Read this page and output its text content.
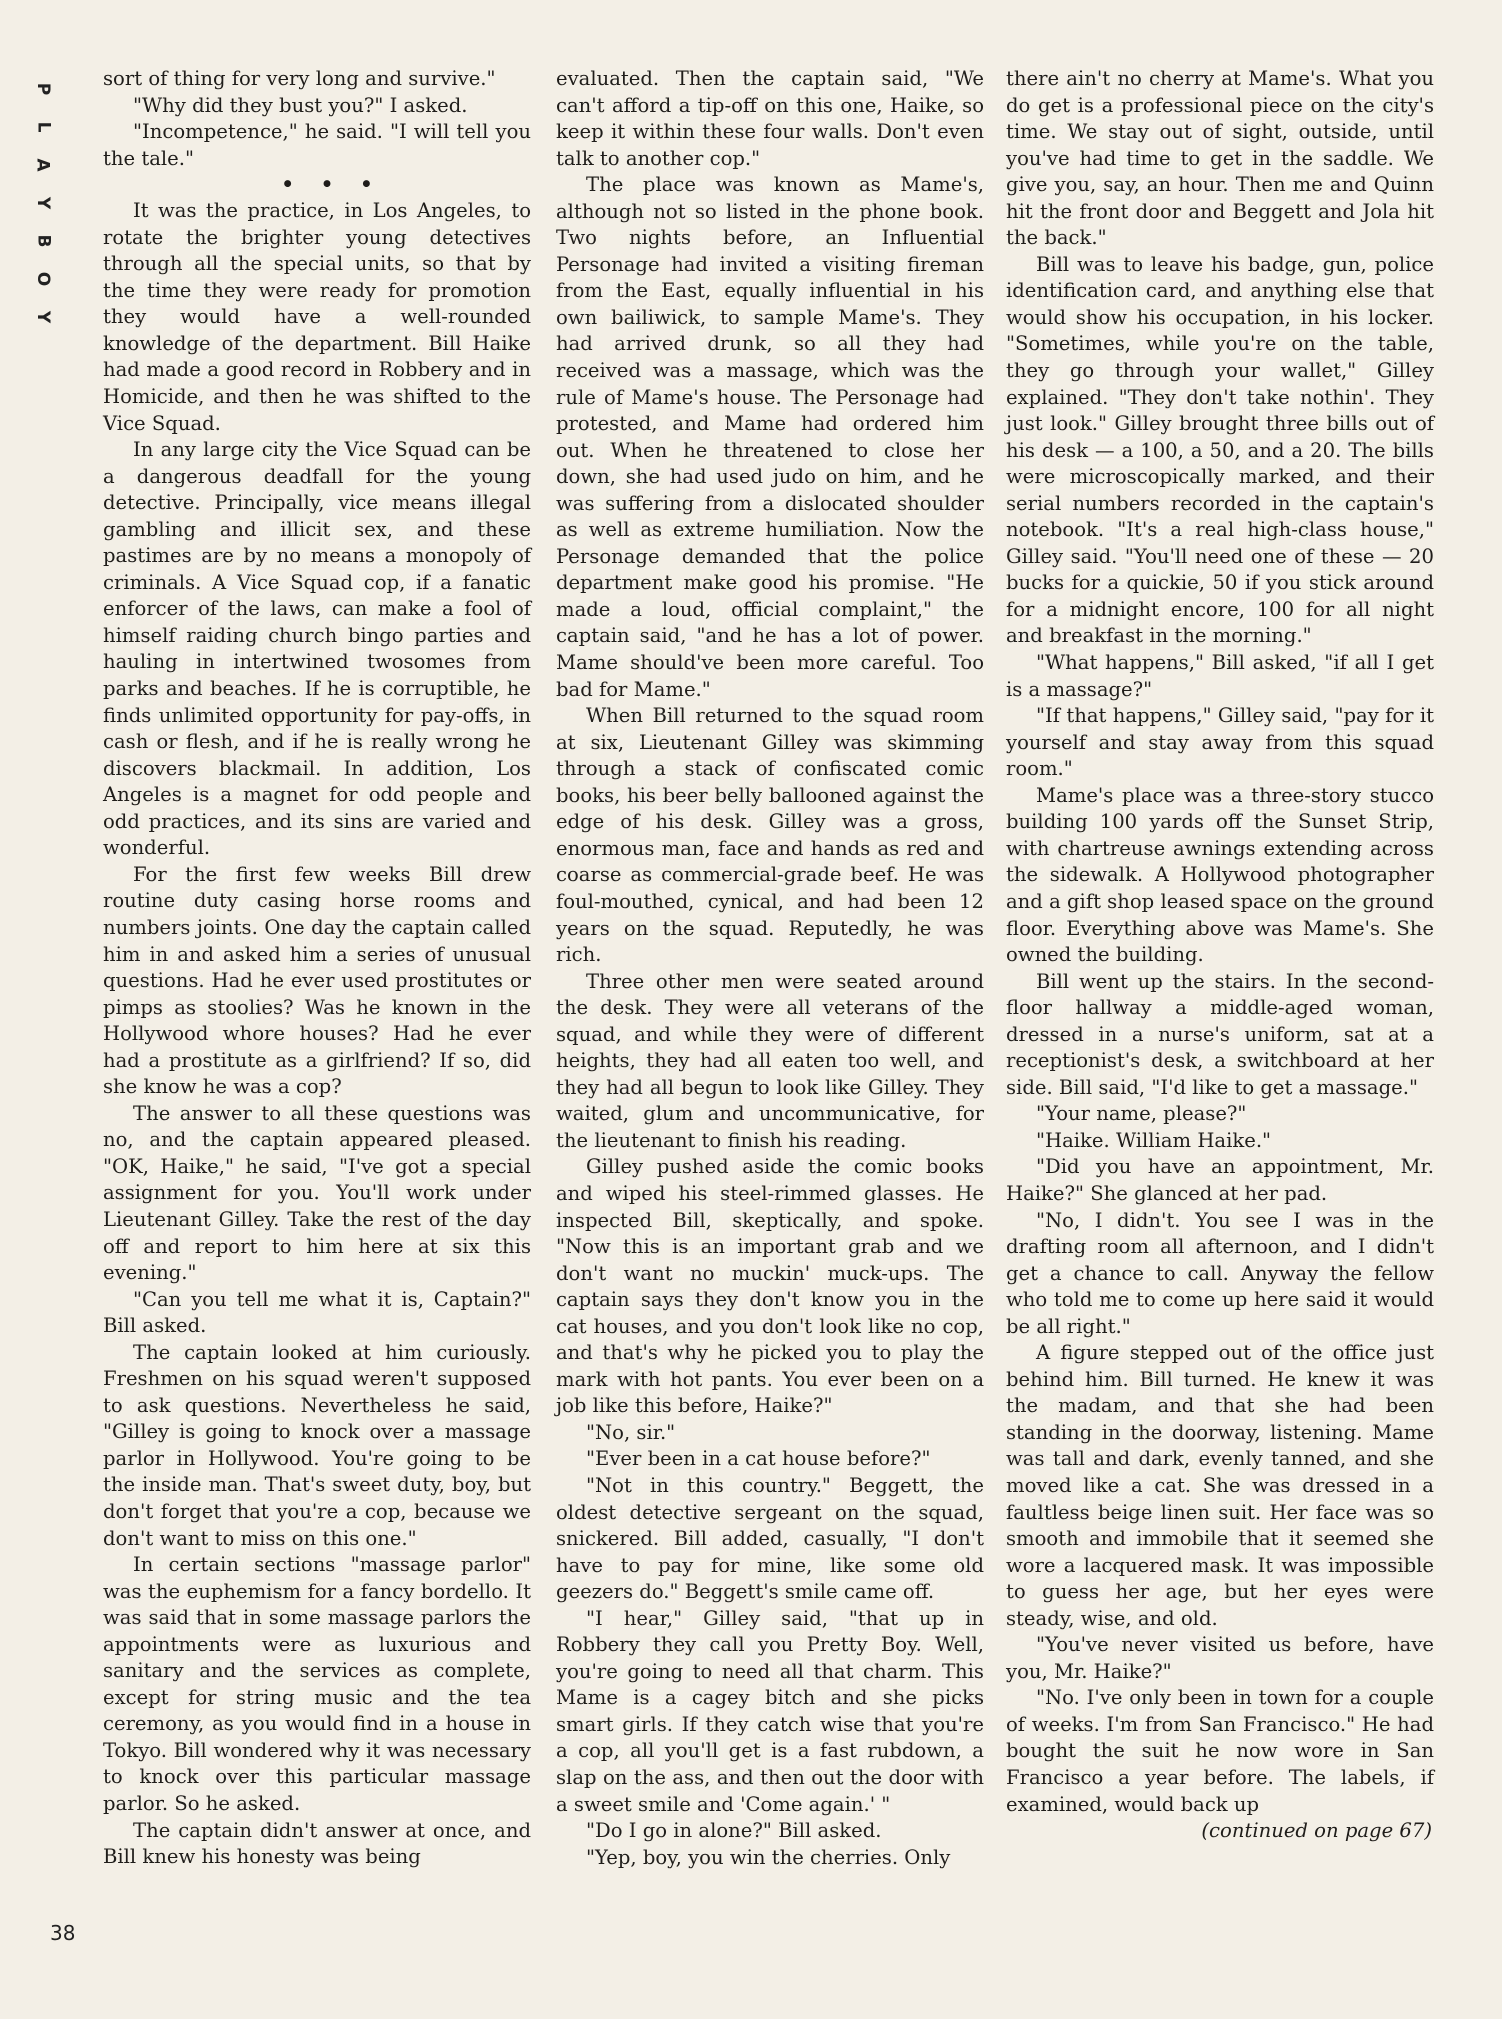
P
L
A
Y
B
O
Y
38

sort of thing for very long and survive."

"Why did they bust you?" I asked.

"Incompetence," he said. "I will tell you the tale."

• • •

It was the practice, in Los Angeles, to rotate the brighter young detectives through all the special units, so that by the time they were ready for promotion they would have a well-rounded knowledge of the department. Bill Haike had made a good record in Robbery and in Homicide, and then he was shifted to the Vice Squad.

In any large city the Vice Squad can be a dangerous deadfall for the young detective. Principally, vice means illegal gambling and illicit sex, and these pastimes are by no means a monopoly of criminals. A Vice Squad cop, if a fanatic enforcer of the laws, can make a fool of himself raiding church bingo parties and hauling in intertwined twosomes from parks and beaches. If he is corruptible, he finds unlimited opportunity for pay-offs, in cash or flesh, and if he is really wrong he discovers blackmail. In addition, Los Angeles is a magnet for odd people and odd practices, and its sins are varied and wonderful.

For the first few weeks Bill drew routine duty casing horse rooms and numbers joints. One day the captain called him in and asked him a series of unusual questions. Had he ever used prostitutes or pimps as stoolies? Was he known in the Hollywood whore houses? Had he ever had a prostitute as a girlfriend? If so, did she know he was a cop?

The answer to all these questions was no, and the captain appeared pleased. "OK, Haike," he said, "I've got a special assignment for you. You'll work under Lieutenant Gilley. Take the rest of the day off and report to him here at six this evening."

"Can you tell me what it is, Captain?" Bill asked.

The captain looked at him curiously. Freshmen on his squad weren't supposed to ask questions. Nevertheless he said, "Gilley is going to knock over a massage parlor in Hollywood. You're going to be the inside man. That's sweet duty, boy, but don't forget that you're a cop, because we don't want to miss on this one."

In certain sections "massage parlor" was the euphemism for a fancy bordello. It was said that in some massage parlors the appointments were as luxurious and sanitary and the services as complete, except for string music and the tea ceremony, as you would find in a house in Tokyo. Bill wondered why it was necessary to knock over this particular massage parlor. So he asked.

The captain didn't answer at once, and Bill knew his honesty was being

evaluated. Then the captain said, "We can't afford a tip-off on this one, Haike, so keep it within these four walls. Don't even talk to another cop."

The place was known as Mame's, although not so listed in the phone book. Two nights before, an Influential Personage had invited a visiting fireman from the East, equally influential in his own bailiwick, to sample Mame's. They had arrived drunk, so all they had received was a massage, which was the rule of Mame's house. The Personage had protested, and Mame had ordered him out. When he threatened to close her down, she had used judo on him, and he was suffering from a dislocated shoulder as well as extreme humiliation. Now the Personage demanded that the police department make good his promise. "He made a loud, official complaint," the captain said, "and he has a lot of power. Mame should've been more careful. Too bad for Mame."

When Bill returned to the squad room at six, Lieutenant Gilley was skimming through a stack of confiscated comic books, his beer belly ballooned against the edge of his desk. Gilley was a gross, enormous man, face and hands as red and coarse as commercial-grade beef. He was foul-mouthed, cynical, and had been 12 years on the squad. Reputedly, he was rich.

Three other men were seated around the desk. They were all veterans of the squad, and while they were of different heights, they had all eaten too well, and they had all begun to look like Gilley. They waited, glum and uncommunicative, for the lieutenant to finish his reading.

Gilley pushed aside the comic books and wiped his steel-rimmed glasses. He inspected Bill, skeptically, and spoke. "Now this is an important grab and we don't want no muckin' muck-ups. The captain says they don't know you in the cat houses, and you don't look like no cop, and that's why he picked you to play the mark with hot pants. You ever been on a job like this before, Haike?"

"No, sir."

"Ever been in a cat house before?"

"Not in this country." Beggett, the oldest detective sergeant on the squad, snickered. Bill added, casually, "I don't have to pay for mine, like some old geezers do." Beggett's smile came off.

"I hear," Gilley said, "that up in Robbery they call you Pretty Boy. Well, you're going to need all that charm. This Mame is a cagey bitch and she picks smart girls. If they catch wise that you're a cop, all you'll get is a fast rubdown, a slap on the ass, and then out the door with a sweet smile and 'Come again.' "

"Do I go in alone?" Bill asked.

"Yep, boy, you win the cherries. Only

there ain't no cherry at Mame's. What you do get is a professional piece on the city's time. We stay out of sight, outside, until you've had time to get in the saddle. We give you, say, an hour. Then me and Quinn hit the front door and Beggett and Jola hit the back."

Bill was to leave his badge, gun, police identification card, and anything else that would show his occupation, in his locker. "Sometimes, while you're on the table, they go through your wallet," Gilley explained. "They don't take nothin'. They just look." Gilley brought three bills out of his desk — a 100, a 50, and a 20. The bills were microscopically marked, and their serial numbers recorded in the captain's notebook. "It's a real high-class house," Gilley said. "You'll need one of these — 20 bucks for a quickie, 50 if you stick around for a midnight encore, 100 for all night and breakfast in the morning."

"What happens," Bill asked, "if all I get is a massage?"

"If that happens," Gilley said, "pay for it yourself and stay away from this squad room."

Mame's place was a three-story stucco building 100 yards off the Sunset Strip, with chartreuse awnings extending across the sidewalk. A Hollywood photographer and a gift shop leased space on the ground floor. Everything above was Mame's. She owned the building.

Bill went up the stairs. In the second-floor hallway a middle-aged woman, dressed in a nurse's uniform, sat at a receptionist's desk, a switchboard at her side. Bill said, "I'd like to get a massage."

"Your name, please?"

"Haike. William Haike."

"Did you have an appointment, Mr. Haike?" She glanced at her pad.

"No, I didn't. You see I was in the drafting room all afternoon, and I didn't get a chance to call. Anyway the fellow who told me to come up here said it would be all right."

A figure stepped out of the office just behind him. Bill turned. He knew it was the madam, and that she had been standing in the doorway, listening. Mame was tall and dark, evenly tanned, and she moved like a cat. She was dressed in a faultless beige linen suit. Her face was so smooth and immobile that it seemed she wore a lacquered mask. It was impossible to guess her age, but her eyes were steady, wise, and old.

"You've never visited us before, have you, Mr. Haike?"

"No. I've only been in town for a couple of weeks. I'm from San Francisco." He had bought the suit he now wore in San Francisco a year before. The labels, if examined, would back up

(continued on page 67)
